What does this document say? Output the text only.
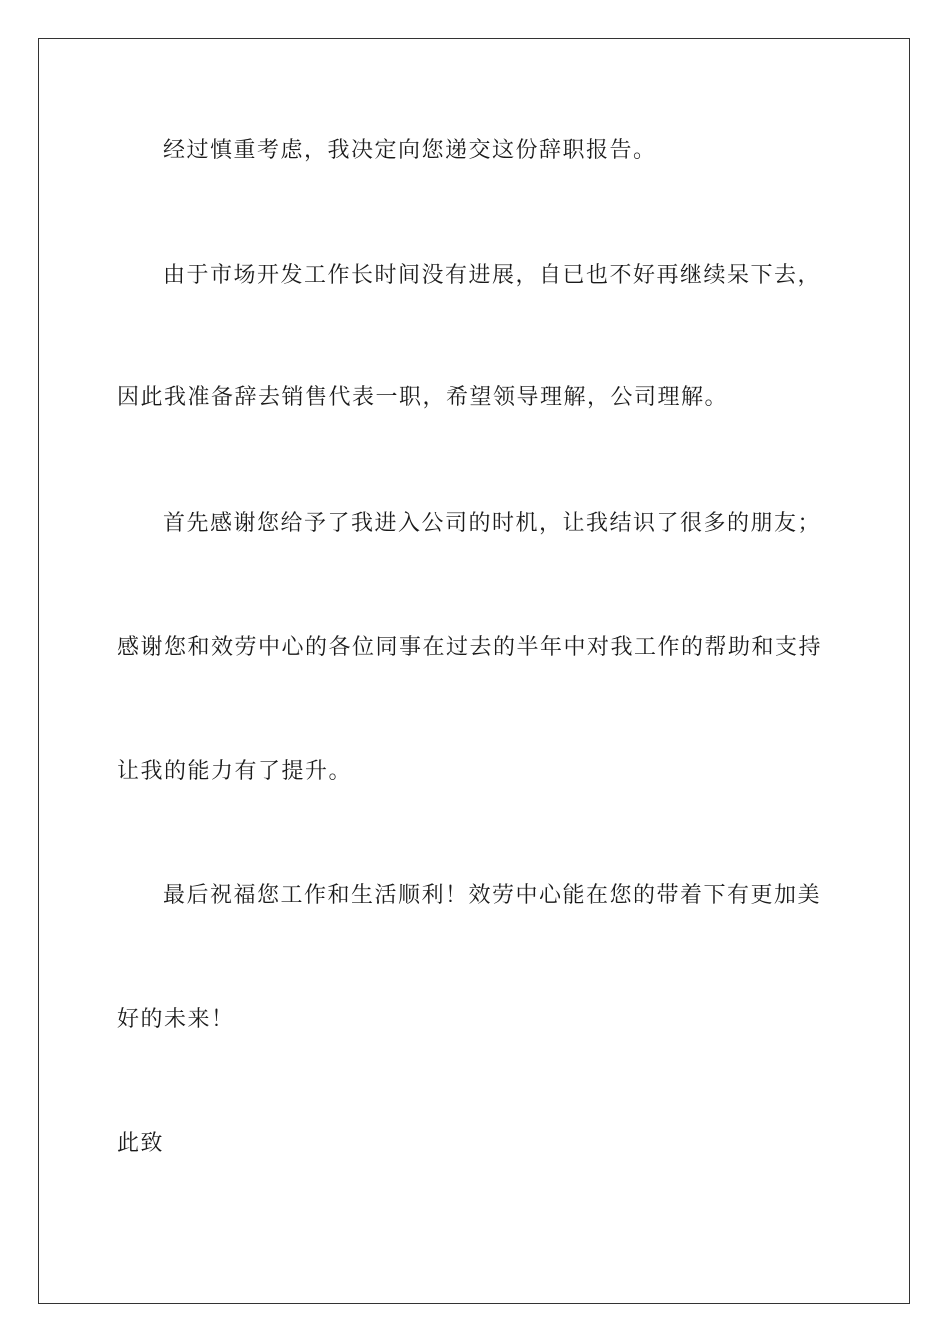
经过慎重考虑，我决定向您递交这份辞职报告。
由于市场开发工作长时间没有进展，自已也不好再继续呆下去，
因此我准备辞去销售代表一职，希望领导理解，公司理解。
首先感谢您给予了我进入公司的时机，让我结识了很多的朋友；
感谢您和效劳中心的各位同事在过去的半年中对我工作的帮助和支持
让我的能力有了提升。
最后祝福您工作和生活顺利！效劳中心能在您的带着下有更加美
好的未来！
此致
